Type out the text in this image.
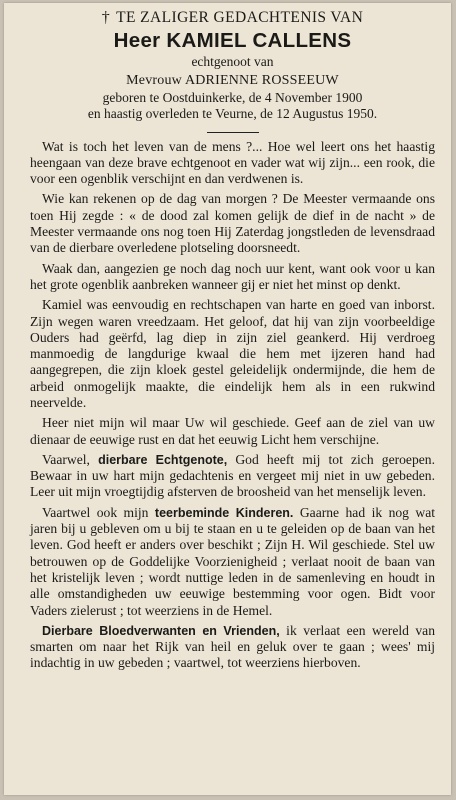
† TE ZALIGER GEDACHTENIS VAN
Heer KAMIEL CALLENS
echtgenoot van
Mevrouw ADRIENNE ROSSEEUW
geboren te Oostduinkerke, de 4 November 1900
en haastig overleden te Veurne, de 12 Augustus 1950.

Wat is toch het leven van de mens ?... Hoe wel leert ons het haastig heengaan van deze brave echtgenoot en vader wat wij zijn... een rook, die voor een ogenblik verschijnt en dan verdwenen is.

Wie kan rekenen op de dag van morgen ? De Meester vermaande ons toen Hij zegde : « de dood zal komen gelijk de dief in de nacht » de Meester vermaande ons nog toen Hij Zaterdag jongstleden de levensdraad van de dierbare overledene plotseling doorsneedt.

Waak dan, aangezien ge noch dag noch uur kent, want ook voor u kan het grote ogenblik aanbreken wanneer gij er niet het minst op denkt.

Kamiel was eenvoudig en rechtschapen van harte en goed van inborst. Zijn wegen waren vreedzaam. Het geloof, dat hij van zijn voorbeeldige Ouders had geërfd, lag diep in zijn ziel geankerd. Hij verdroeg manmoedig de langdurige kwaal die hem met ijzeren hand had aangegrepen, die zijn kloek gestel geleidelijk ondermijnde, die hem de arbeid onmogelijk maakte, die eindelijk hem als in een rukwind neervelde.

Heer niet mijn wil maar Uw wil geschiede. Geef aan de ziel van uw dienaar de eeuwige rust en dat het eeuwig Licht hem verschijne.

Vaarwel, dierbare Echtgenote, God heeft mij tot zich geroepen. Bewaar in uw hart mijn gedachtenis en vergeet mij niet in uw gebeden. Leer uit mijn vroegtijdig afsterven de broosheid van het menselijk leven.

Vaartwel ook mijn teerbeminde Kinderen. Gaarne had ik nog wat jaren bij u gebleven om u bij te staan en u te geleiden op de baan van het leven. God heeft er anders over beschikt ; Zijn H. Wil geschiede. Stel uw betrouwen op de Goddelijke Voorzienigheid ; verlaat nooit de baan van het kristelijk leven ; wordt nuttige leden in de samenleving en houdt in alle omstandigheden uw eeuwige bestemming voor ogen. Bidt voor Vaders zielerust ; tot weerziens in de Hemel.

Dierbare Bloedverwanten en Vrienden, ik verlaat een wereld van smarten om naar het Rijk van heil en geluk over te gaan ; wees' mij indachtig in uw gebeden ; vaartwel, tot weerziens hierboven.
